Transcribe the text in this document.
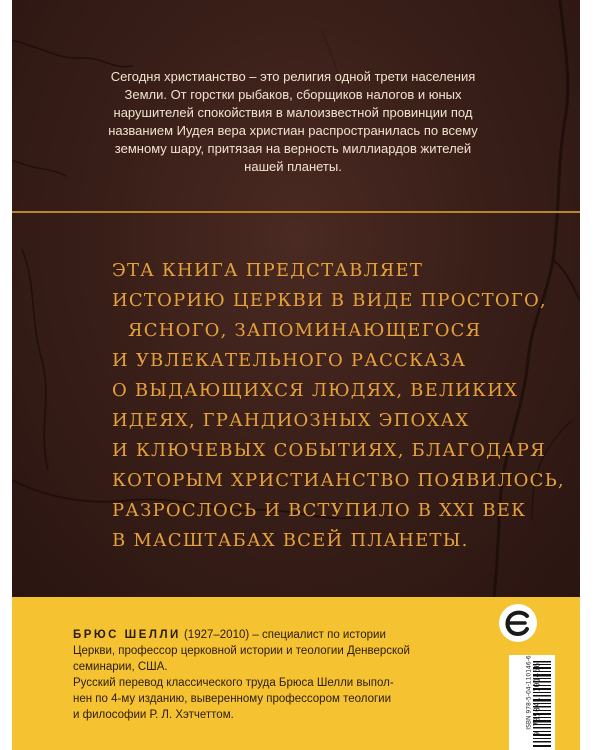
Сегодня христианство – это религия одной трети населения
Земли. От горстки рыбаков, сборщиков налогов и юных
нарушителей спокойствия в малоизвестной провинции под
названием Иудея вера христиан распространилась по всему
земному шару, притязая на верность миллиардов жителей
нашей планеты.
ЭТА КНИГА ПРЕДСТАВЛЯЕТ
ИСТОРИЮ ЦЕРКВИ В ВИДЕ ПРОСТОГО,
ЯСНОГО, ЗАПОМИНАЮЩЕГОСЯ
И УВЛЕКАТЕЛЬНОГО РАССКАЗА
О ВЫДАЮЩИХСЯ ЛЮДЯХ, ВЕЛИКИХ
ИДЕЯХ, ГРАНДИОЗНЫХ ЭПОХАХ
И КЛЮЧЕВЫХ СОБЫТИЯХ, БЛАГОДАРЯ
КОТОРЫМ ХРИСТИАНСТВО ПОЯВИЛОСЬ,
РАЗРОСЛОСЬ И ВСТУПИЛО В XXI ВЕК
В МАСШТАБАХ ВСЕЙ ПЛАНЕТЫ.
БРЮС ШЕЛЛИ (1927–2010) – специалист по истории
Церкви, профессор церковной истории и теологии Денверской
семинарии, США.
Русский перевод классического труда Брюса Шелли выпол-
нен по 4-му изданию, выверенному профессором теологии
и философии Р. Л. Хэтчеттом.	ISBN 978-5-04-110146-6 9 785041 101466
